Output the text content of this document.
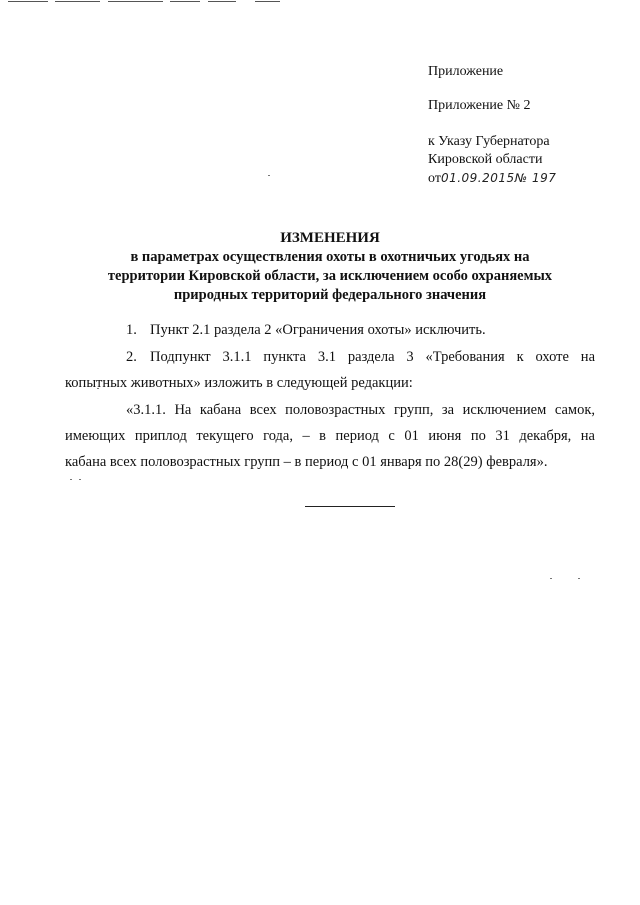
Приложение
Приложение № 2
к Указу Губернатора
Кировской области
от01.09.2015№ 197
ИЗМЕНЕНИЯ
в параметрах осуществления охоты в охотничьих угодьях на
территории Кировской области, за исключением особо охраняемых
природных территорий федерального значения
1. Пункт 2.1 раздела 2 «Ограничения охоты» исключить.
2. Подпункт 3.1.1 пункта 3.1 раздела 3 «Требования к охоте на
копытных животных» изложить в следующей редакции:
«3.1.1. На кабана всех половозрастных групп, за исключением самок,
имеющих приплод текущего года, – в период с 01 июня по 31 декабря, на
кабана всех половозрастных групп – в период с 01 января по 28(29) февраля».
